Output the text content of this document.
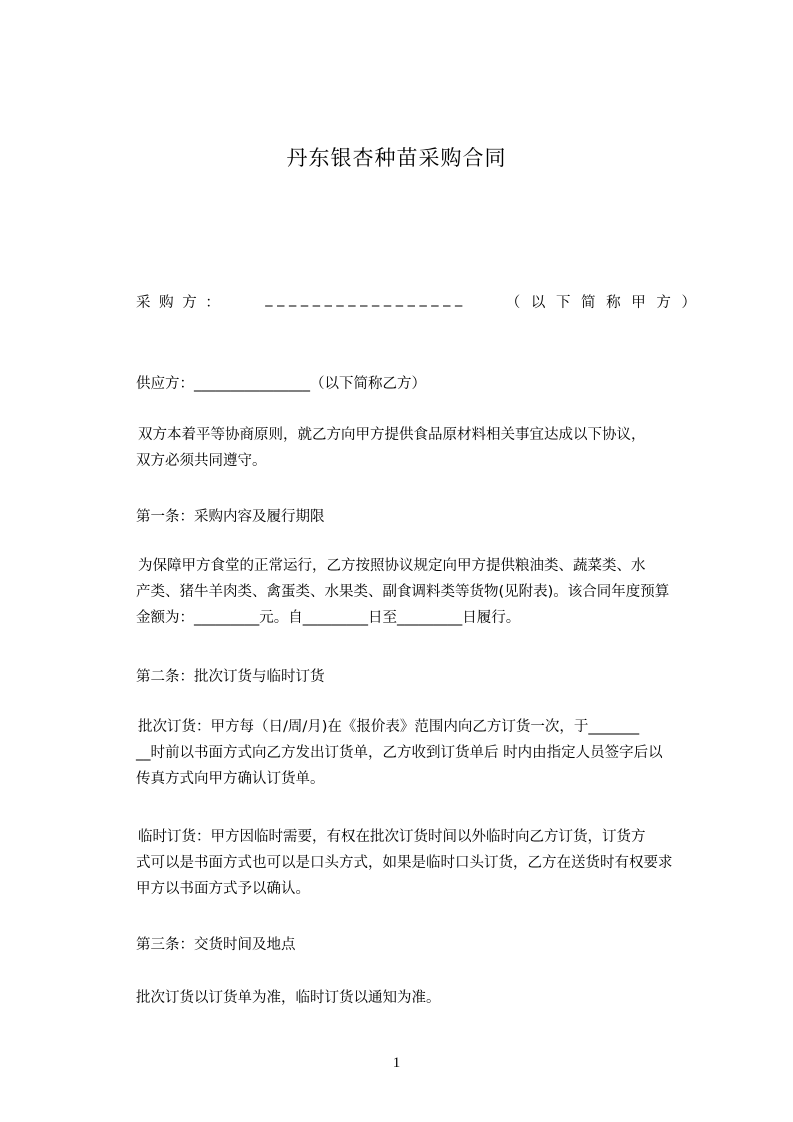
丹东银杏种苗采购合同
采 购 方 ：	_ _ _ _ _ _ _ _ _ _ _ _ _ _ _ _ _	（ 以 下 简 称 甲 方 ）
供应方：________________（以下简称乙方）
双方本着平等协商原则，就乙方向甲方提供食品原材料相关事宜达成以下协议，
双方必须共同遵守。
第一条：采购内容及履行期限
为保障甲方食堂的正常运行，乙方按照协议规定向甲方提供粮油类、蔬菜类、水
产类、猪牛羊肉类、禽蛋类、水果类、副食调料类等货物(见附表)。该合同年度预算
金额为：_________元。自_________日至_________日履行。
第二条：批次订货与临时订货
批次订货：甲方每（日/周/月)在《报价表》范围内向乙方订货一次，于_______
__时前以书面方式向乙方发出订货单，乙方收到订货单后 时内由指定人员签字后以
传真方式向甲方确认订货单。
临时订货：甲方因临时需要，有权在批次订货时间以外临时向乙方订货，订货方
式可以是书面方式也可以是口头方式，如果是临时口头订货，乙方在送货时有权要求
甲方以书面方式予以确认。
第三条：交货时间及地点
批次订货以订货单为准，临时订货以通知为准。
1
